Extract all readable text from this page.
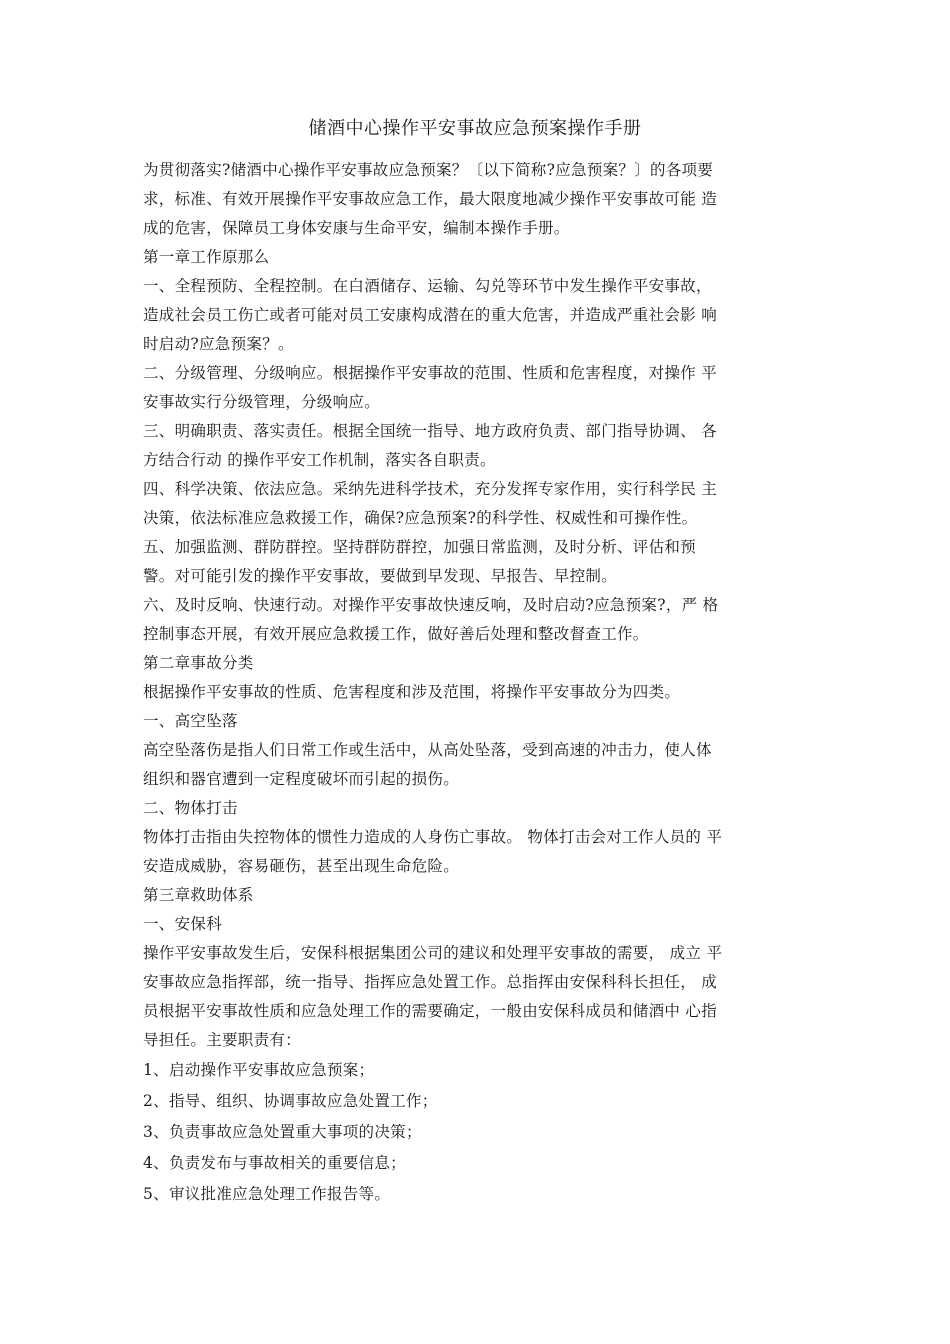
储酒中心操作平安事故应急预案操作手册
为贯彻落实?储酒中心操作平安事故应急预案？〔以下简称?应急预案？〕的各项要
求，标准、有效开展操作平安事故应急工作，最大限度地减少操作平安事故可能 造
成的危害，保障员工身体安康与生命平安，编制本操作手册。
第一章工作原那么
一、全程预防、全程控制。在白酒储存、运输、勾兑等环节中发生操作平安事故，
造成社会员工伤亡或者可能对员工安康构成潜在的重大危害，并造成严重社会影 响
时启动?应急预案？。
二、分级管理、分级响应。根据操作平安事故的范围、性质和危害程度，对操作 平
安事故实行分级管理，分级响应。
三、明确职责、落实责任。根据全国统一指导、地方政府负责、部门指导协调、 各
方结合行动 的操作平安工作机制，落实各自职责。
四、科学决策、依法应急。采纳先进科学技术，充分发挥专家作用，实行科学民 主
决策，依法标准应急救援工作，确保?应急预案?的科学性、权威性和可操作性。
五、加强监测、群防群控。坚持群防群控，加强日常监测，及时分析、评估和预
警。对可能引发的操作平安事故，要做到早发现、早报告、早控制。
六、及时反响、快速行动。对操作平安事故快速反响，及时启动?应急预案?，严 格
控制事态开展，有效开展应急救援工作，做好善后处理和整改督查工作。
第二章事故分类
根据操作平安事故的性质、危害程度和涉及范围，将操作平安事故分为四类。
一、高空坠落
高空坠落伤是指人们日常工作或生活中，从高处坠落，受到高速的冲击力，使人体
组织和器官遭到一定程度破坏而引起的损伤。
二、物体打击
物体打击指由失控物体的惯性力造成的人身伤亡事故。 物体打击会对工作人员的 平
安造成威胁，容易砸伤，甚至出现生命危险。
第三章救助体系
一、安保科
操作平安事故发生后，安保科根据集团公司的建议和处理平安事故的需要， 成立 平
安事故应急指挥部，统一指导、指挥应急处置工作。总指挥由安保科科长担任， 成
员根据平安事故性质和应急处理工作的需要确定，一般由安保科成员和储酒中 心指
导担任。主要职责有：
1、启动操作平安事故应急预案；
2、指导、组织、协调事故应急处置工作；
3、负责事故应急处置重大事项的决策；
4、负责发布与事故相关的重要信息；
5、审议批准应急处理工作报告等。
